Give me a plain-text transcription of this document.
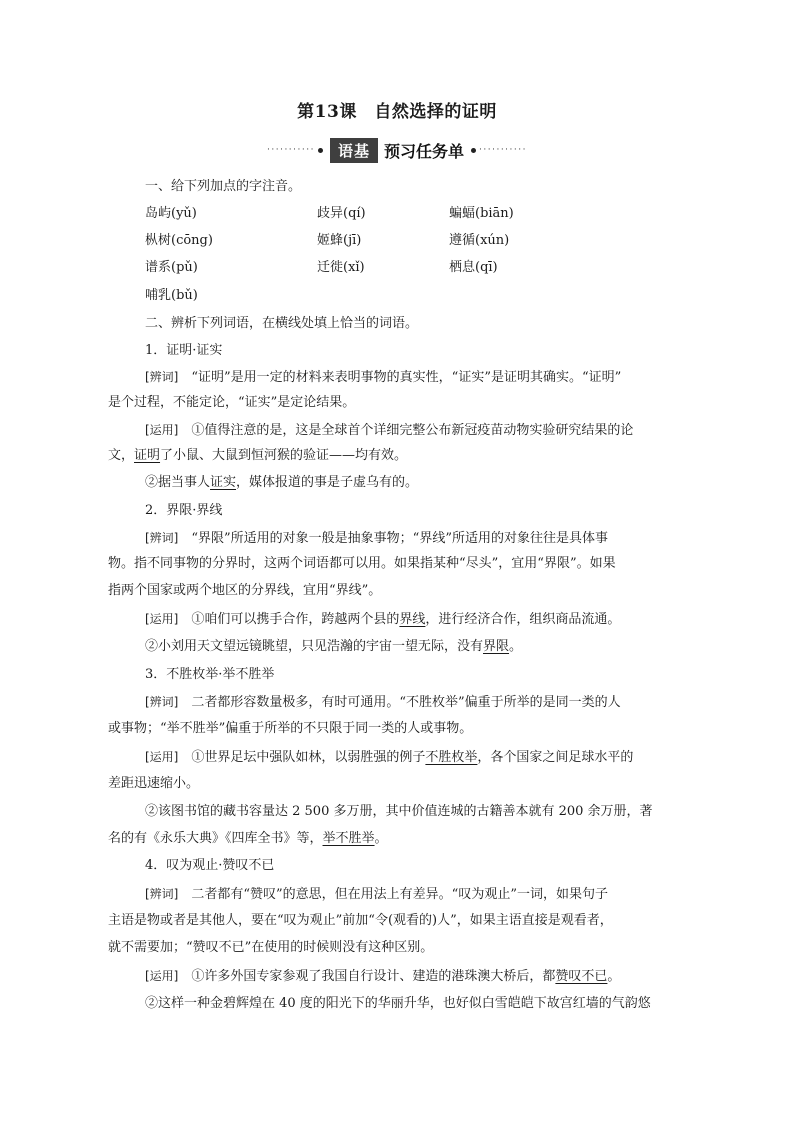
第13课　自然选择的证明
···········	语基 预习任务单 ···········
一、给下列加点的字注音。
岛屿(yǔ)	歧异(qí)	蝙蝠(biān)
枞树(cōng)	姬蜂(jī)	遵循(xún)
谱系(pǔ)	迁徙(xǐ)	栖息(qī)
哺乳(bǔ)
二、辨析下列词语，在横线处填上恰当的词语。
1．证明·证实
[辨词]　 “证明”是用一定的材料来表明事物的真实性，“证实”是证明其确实。“证明”
是个过程，不能定论，“证实”是定论结果。
[运用]　 ①值得注意的是，这是全球首个详细完整公布新冠疫苗动物实验研究结果的论
文，证明了小鼠、大鼠到恒河猴的验证——均有效。
②据当事人证实，媒体报道的事是子虚乌有的。
2．界限·界线
[辨词]　 “界限”所适用的对象一般是抽象事物；“界线”所适用的对象往往是具体事
物。指不同事物的分界时，这两个词语都可以用。如果指某种“尽头”，宜用“界限”。如果
指两个国家或两个地区的分界线，宜用“界线”。
[运用]　 ①咱们可以携手合作，跨越两个县的界线，进行经济合作，组织商品流通。
②小刘用天文望远镜眺望，只见浩瀚的宇宙一望无际，没有界限。
3．不胜枚举·举不胜举
[辨词]　 二者都形容数量极多，有时可通用。“不胜枚举”偏重于所举的是同一类的人
或事物；“举不胜举”偏重于所举的不只限于同一类的人或事物。
[运用]　 ①世界足坛中强队如林，以弱胜强的例子不胜枚举，各个国家之间足球水平的
差距迅速缩小。
②该图书馆的藏书容量达 2 500 多万册，其中价值连城的古籍善本就有 200 余万册，著
名的有《永乐大典》《四库全书》等，举不胜举。
4．叹为观止·赞叹不已
[辨词]　 二者都有“赞叹”的意思，但在用法上有差异。“叹为观止”一词，如果句子
主语是物或者是其他人，要在“叹为观止”前加“令(观看的)人”，如果主语直接是观看者，
就不需要加；“赞叹不已”在使用的时候则没有这种区别。
[运用]　 ①许多外国专家参观了我国自行设计、建造的港珠澳大桥后，都赞叹不已。
②这样一种金碧辉煌在 40 度的阳光下的华丽升华，也好似白雪皑皑下故宫红墙的气韵悠
